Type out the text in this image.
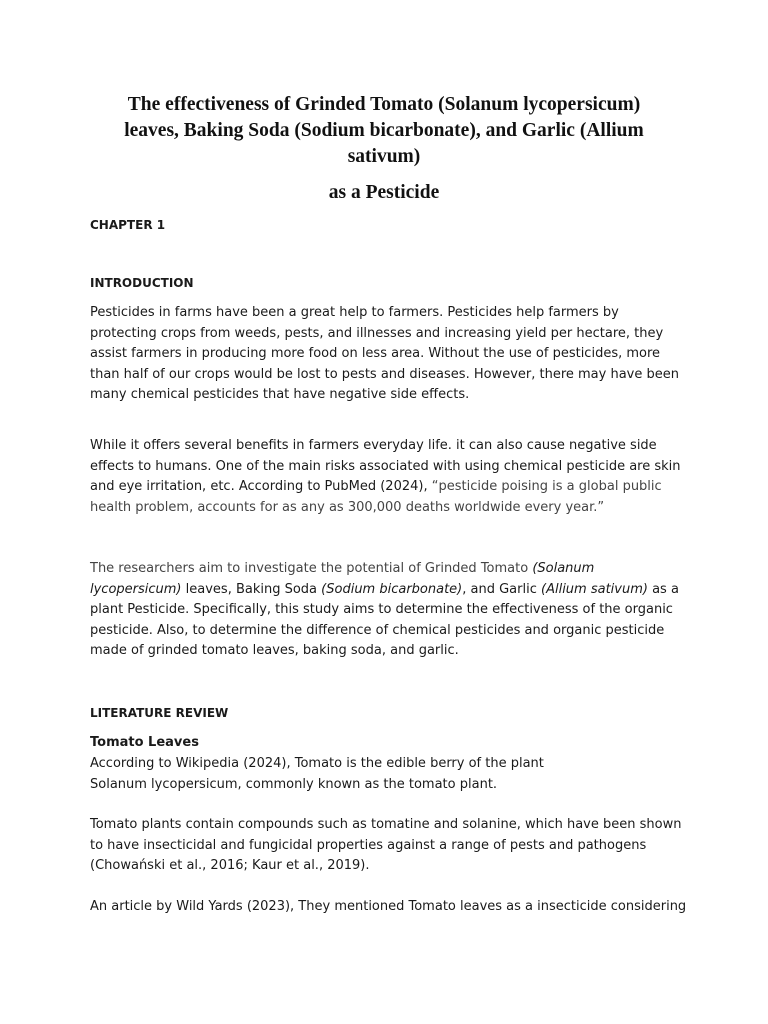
The effectiveness of Grinded Tomato (Solanum lycopersicum)
leaves, Baking Soda (Sodium bicarbonate), and Garlic (Allium
sativum)
as a Pesticide

CHAPTER 1

INTRODUCTION

Pesticides in farms have been a great help to farmers. Pesticides help farmers by protecting crops from weeds, pests, and illnesses and increasing yield per hectare, they assist farmers in producing more food on less area. Without the use of pesticides, more than half of our crops would be lost to pests and diseases. However, there may have been many chemical pesticides that have negative side effects.

While it offers several benefits in farmers everyday life. it can also cause negative side effects to humans. One of the main risks associated with using chemical pesticide are skin and eye irritation, etc. According to PubMed (2024), “pesticide poising is a global public health problem, accounts for as any as 300,000 deaths worldwide every year.”

The researchers aim to investigate the potential of Grinded Tomato (Solanum lycopersicum) leaves, Baking Soda (Sodium bicarbonate), and Garlic (Allium sativum) as a plant Pesticide. Specifically, this study aims to determine the effectiveness of the organic pesticide. Also, to determine the difference of chemical pesticides and organic pesticide made of grinded tomato leaves, baking soda, and garlic.

LITERATURE REVIEW

Tomato Leaves

According to Wikipedia (2024), Tomato is the edible berry of the plant Solanum lycopersicum, commonly known as the tomato plant.

Tomato plants contain compounds such as tomatine and solanine, which have been shown to have insecticidal and fungicidal properties against a range of pests and pathogens (Chowański et al., 2016; Kaur et al., 2019).

An article by Wild Yards (2023), They mentioned Tomato leaves as a insecticide considering
